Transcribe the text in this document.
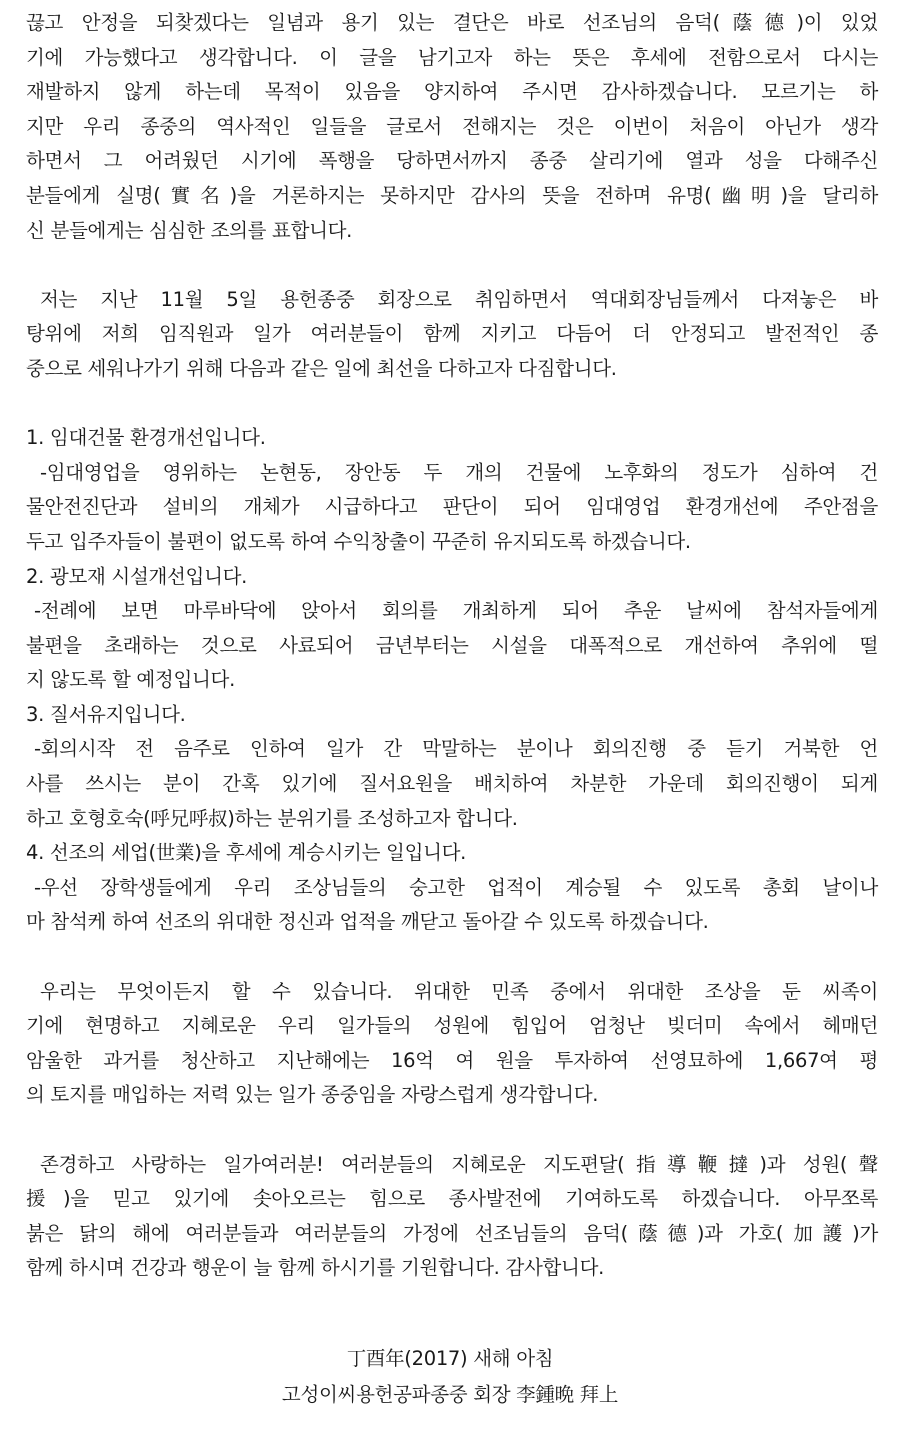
끊고 안정을 되찾겠다는 일념과 용기 있는 결단은 바로 선조님의 음덕(蔭德)이 있었
기에 가능했다고 생각합니다. 이 글을 남기고자 하는 뜻은 후세에 전함으로서 다시는
재발하지 않게 하는데 목적이 있음을 양지하여 주시면 감사하겠습니다. 모르기는 하
지만 우리 종중의 역사적인 일들을 글로서 전해지는 것은 이번이 처음이 아닌가 생각
하면서 그 어려웠던 시기에 폭행을 당하면서까지 종중 살리기에 열과 성을 다해주신
분들에게 실명(實名)을 거론하지는 못하지만 감사의 뜻을 전하며 유명(幽明)을 달리하
신 분들에게는 심심한 조의를 표합니다.
저는 지난 11월 5일 용헌종중 회장으로 취임하면서 역대회장님들께서 다져놓은 바
탕위에 저희 임직원과 일가 여러분들이 함께 지키고 다듬어 더 안정되고 발전적인 종
중으로 세워나가기 위해 다음과 같은 일에 최선을 다하고자 다짐합니다.
1. 임대건물 환경개선입니다.
-임대영업을 영위하는 논현동, 장안동 두 개의 건물에 노후화의 정도가 심하여 건
물안전진단과 설비의 개체가 시급하다고 판단이 되어 임대영업 환경개선에 주안점을
두고 입주자들이 불편이 없도록 하여 수익창출이 꾸준히 유지되도록 하겠습니다.
2. 광모재 시설개선입니다.
-전례에 보면 마루바닥에 앉아서 회의를 개최하게 되어 추운 날씨에 참석자들에게
불편을 초래하는 것으로 사료되어 금년부터는 시설을 대폭적으로 개선하여 추위에 떨
지 않도록 할 예정입니다.
3. 질서유지입니다.
-회의시작 전 음주로 인하여 일가 간 막말하는 분이나 회의진행 중 듣기 거북한 언
사를 쓰시는 분이 간혹 있기에 질서요원을 배치하여 차분한 가운데 회의진행이 되게
하고 호형호숙(呼兄呼叔)하는 분위기를 조성하고자 합니다.
4. 선조의 세업(世業)을 후세에 계승시키는 일입니다.
-우선 장학생들에게 우리 조상님들의 숭고한 업적이 계승될 수 있도록 총회 날이나
마 참석케 하여 선조의 위대한 정신과 업적을 깨닫고 돌아갈 수 있도록 하겠습니다.
우리는 무엇이든지 할 수 있습니다. 위대한 민족 중에서 위대한 조상을 둔 씨족이
기에 현명하고 지혜로운 우리 일가들의 성원에 힘입어 엄청난 빚더미 속에서 헤매던
암울한 과거를 청산하고 지난해에는 16억 여 원을 투자하여 선영묘하에 1,667여 평
의 토지를 매입하는 저력 있는 일가 종중임을 자랑스럽게 생각합니다.
존경하고 사랑하는 일가여러분! 여러분들의 지혜로운 지도편달(指導鞭撻)과 성원(聲
援)을 믿고 있기에 솟아오르는 힘으로 종사발전에 기여하도록 하겠습니다. 아무쪼록
붉은 닭의 해에 여러분들과 여러분들의 가정에 선조님들의 음덕(蔭德)과 가호(加護)가
함께 하시며 건강과 행운이 늘 함께 하시기를 기원합니다. 감사합니다.
丁酉年(2017) 새해 아침
고성이씨용헌공파종중 회장 李鍾晩 拜上
